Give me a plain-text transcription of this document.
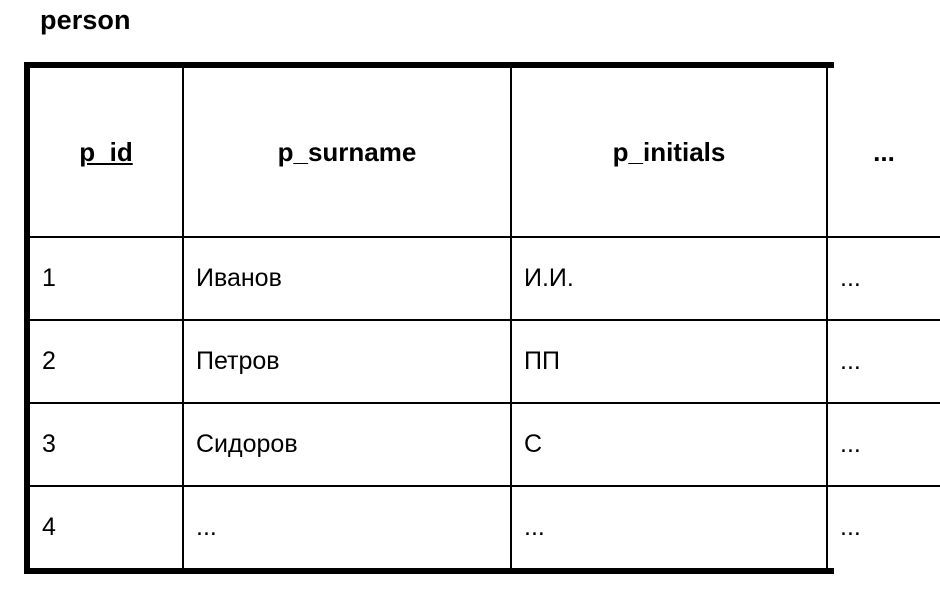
person
p_id	p_surname	p_initials	...
1	Иванов	И.И.	...
2	Петров	ПП	...
3	Сидоров	С	...
4	...	...	...
